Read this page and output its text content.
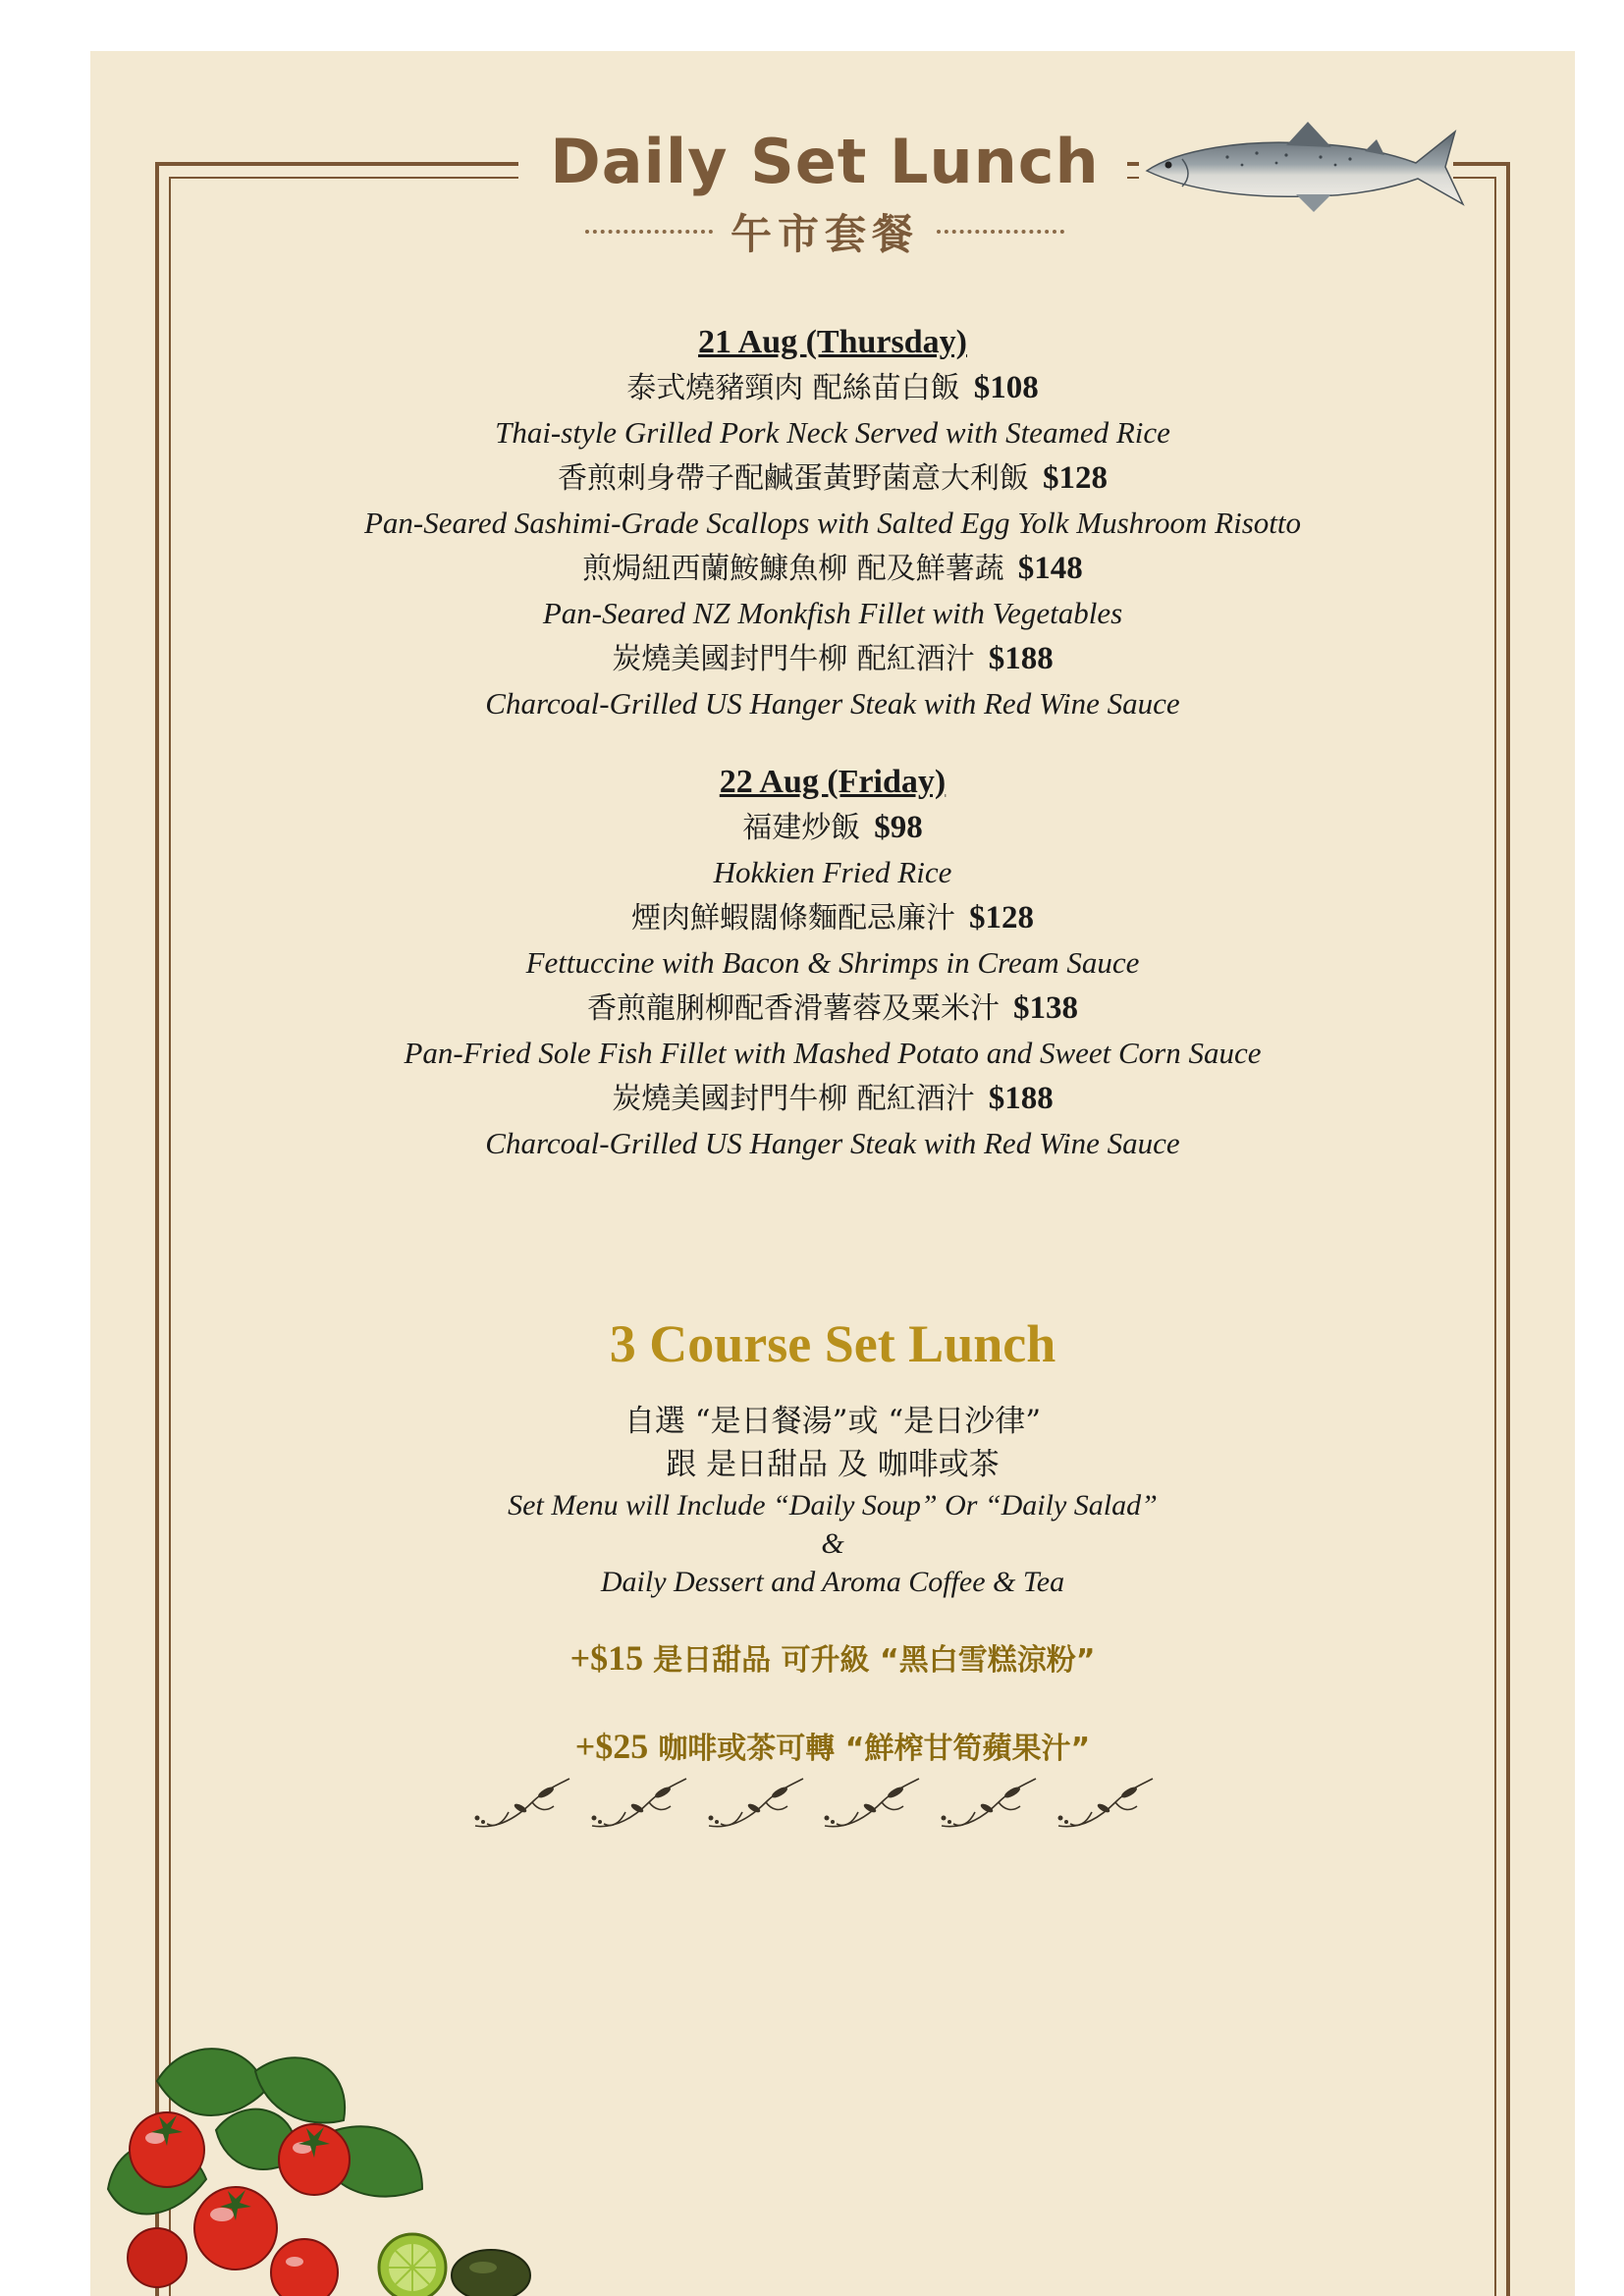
Daily Set Lunch
午市套餐
21 Aug (Thursday)
泰式燒豬頸肉 配絲苗白飯 $108
Thai-style Grilled Pork Neck Served with Steamed Rice
香煎刺身帶子配鹹蛋黃野菌意大利飯 $128
Pan-Seared Sashimi-Grade Scallops with Salted Egg Yolk Mushroom Risotto
煎焗紐西蘭鮟鱇魚柳 配及鮮薯蔬 $148
Pan-Seared NZ Monkfish Fillet with Vegetables
炭燒美國封門牛柳 配紅酒汁 $188
Charcoal-Grilled US Hanger Steak with Red Wine Sauce
22 Aug (Friday)
福建炒飯 $98
Hokkien Fried Rice
煙肉鮮蝦闊條麵配忌廉汁 $128
Fettuccine with Bacon & Shrimps in Cream Sauce
香煎龍脷柳配香滑薯蓉及粟米汁 $138
Pan-Fried Sole Fish Fillet with Mashed Potato and Sweet Corn Sauce
炭燒美國封門牛柳 配紅酒汁 $188
Charcoal-Grilled US Hanger Steak with Red Wine Sauce
3 Course Set Lunch
自選 “是日餐湯”或 “是日沙律”
跟 是日甜品 及 咖啡或茶
Set Menu will Include “Daily Soup” Or “Daily Salad”
&
Daily Dessert and Aroma Coffee & Tea
+$15 是日甜品 可升級 “黑白雪糕涼粉”
+$25 咖啡或茶可轉 “鮮榨甘筍蘋果汁”
